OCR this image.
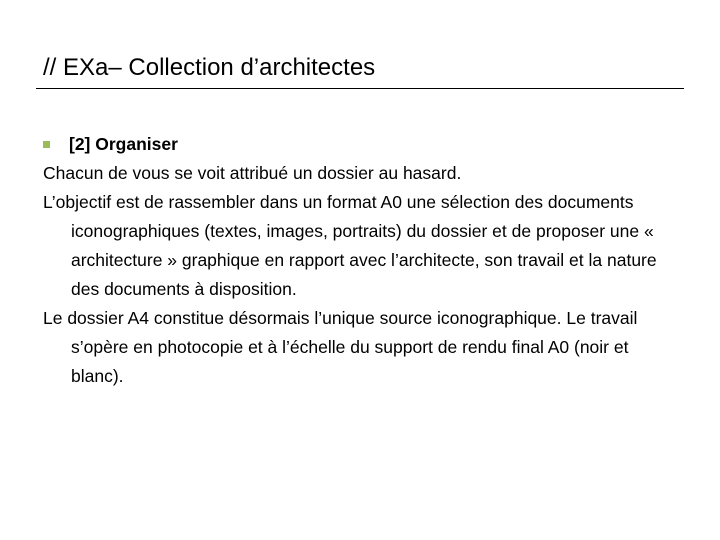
// EXa– Collection d’architectes
[2] Organiser

Chacun de vous se voit attribué un dossier au hasard.

L’objectif est de rassembler dans un format A0 une sélection des documents iconographiques (textes, images, portraits) du dossier et de proposer une « architecture » graphique en rapport avec l’architecte, son travail et la nature des documents à disposition.

Le dossier A4 constitue désormais l’unique source iconographique. Le travail s’opère en photocopie et à l’échelle du support de rendu final A0 (noir et blanc).
